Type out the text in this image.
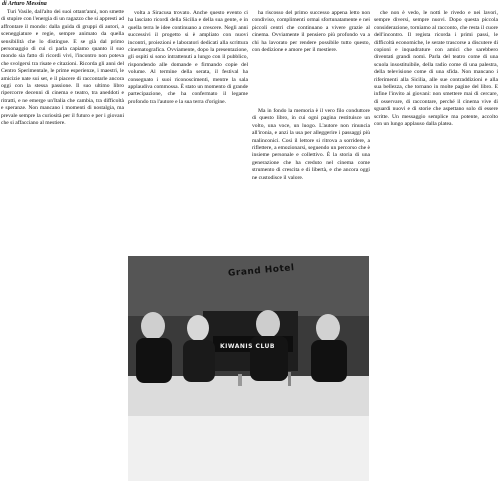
di Arturo Messina

Turi Vasile, dall'alto dei suoi ottant'anni, non smette di stupire con l'energia di un ragazzo che si appresti ad affrontare il mondo: dalla guida di gruppi di autori, a sceneggiature e regie, sempre animato da quella sensibilità che lo distingue. E se già dal primo personaggio di cui ci parla capiamo quanto il suo mondo sia fatto di ricordi vivi, l'incontro non poteva che svolgersi tra risate e citazioni. Ricorda gli anni del Centro Sperimentale, le prime esperienze, i maestri, le amicizie nate sui set, e il piacere di raccontarle ancora oggi con la stessa passione. Il suo ultimo libro ripercorre decenni di cinema e teatro, tra aneddoti e ritratti, e ne emerge un'Italia che cambia, tra difficoltà e speranze. Non mancano i momenti di nostalgia, ma prevale sempre la curiosità per il futuro e per i giovani che si affacciano al mestiere.

volta a Siracusa trovato. Anche questo evento ci ha lasciato ricordi della Sicilia e della sua gente, e in quella terra le idee continuano a crescere. Negli anni successivi il progetto si è ampliato con nuovi incontri, proiezioni e laboratori dedicati alla scrittura cinematografica. Ovviamente, dopo la presentazione, gli ospiti si sono intrattenuti a lungo con il pubblico, rispondendo alle domande e firmando copie del volume. Al termine della serata, il festival ha consegnato i suoi riconoscimenti, mentre la sala applaudiva commossa. È stato un momento di grande partecipazione, che ha confermato il legame profondo tra l'autore e la sua terra d'origine.

ha riscosso del primo successo appena letto non condiviso, complimenti ormai sfortunatamente e nei piccoli centri che continuano a vivere grazie al cinema. Ovviamente il pensiero più profondo va a chi ha lavorato per rendere possibile tutto questo, con dedizione e amore per il mestiere.

Ma in fondo la memoria è il vero filo conduttore di questo libro, in cui ogni pagina restituisce un volto, una voce, un luogo. L'autore non rinuncia all'ironia, e anzi la usa per alleggerire i passaggi più malinconici. Così il lettore si ritrova a sorridere, a riflettere, a emozionarsi, seguendo un percorso che è insieme personale e collettivo. È la storia di una generazione che ha creduto nel cinema come strumento di crescita e di libertà, e che ancora oggi ne custodisce il valore.

che non è vedo, le notti le rivedo e nei lavori, sempre diversi, sempre nuovi. Dopo questa piccola considerazione, torniamo al racconto, che resta il cuore dell'incontro. Il regista ricorda i primi passi, le difficoltà economiche, le serate trascorse a discutere di copioni e inquadrature con amici che sarebbero diventati grandi nomi. Parla del teatro come di una scuola insostituibile, della radio come di una palestra, della televisione come di una sfida. Non mancano i riferimenti alla Sicilia, alle sue contraddizioni e alla sua bellezza, che tornano in molte pagine del libro. E infine l'invito ai giovani: non smettere mai di cercare, di osservare, di raccontare, perché il cinema vive di sguardi nuovi e di storie che aspettano solo di essere scritte. Un messaggio semplice ma potente, accolto con un lungo applauso dalla platea.

Grand Hotel
KIWANIS CLUB
